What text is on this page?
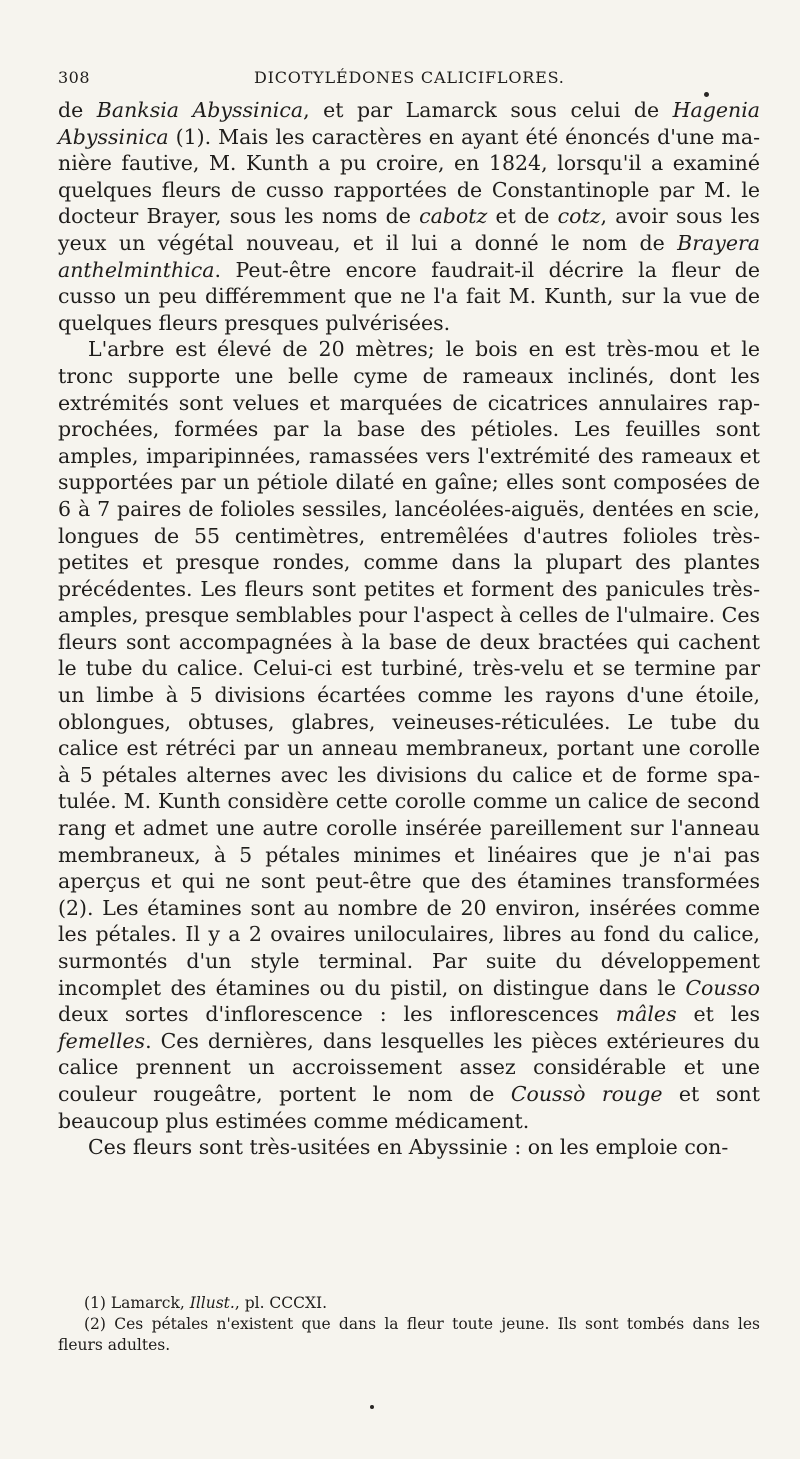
308	DICOTYLÉDONES CALICIFLORES.

de Banksia Abyssinica, et par Lamarck sous celui de Hagenia Abyssinica (1). Mais les caractères en ayant été énoncés d'une manière fautive, M. Kunth a pu croire, en 1824, lorsqu'il a examiné quelques fleurs de cusso rapportées de Constantinople par M. le docteur Brayer, sous les noms de cabotz et de cotz, avoir sous les yeux un végétal nouveau, et il lui a donné le nom de Brayera anthelminthica. Peut-être encore faudrait-il décrire la fleur de cusso un peu différemment que ne l'a fait M. Kunth, sur la vue de quelques fleurs presques pulvérisées.

L'arbre est élevé de 20 mètres; le bois en est très-mou et le tronc supporte une belle cyme de rameaux inclinés, dont les extrémités sont velues et marquées de cicatrices annulaires rapprochées, formées par la base des pétioles. Les feuilles sont amples, imparipinnées, ramassées vers l'extrémité des rameaux et supportées par un pétiole dilaté en gaîne; elles sont composées de 6 à 7 paires de folioles sessiles, lancéolées-aiguës, dentées en scie, longues de 55 centimètres, entremêlées d'autres folioles très-petites et presque rondes, comme dans la plupart des plantes précédentes. Les fleurs sont petites et forment des panicules très-amples, presque semblables pour l'aspect à celles de l'ulmaire. Ces fleurs sont accompagnées à la base de deux bractées qui cachent le tube du calice. Celui-ci est turbiné, très-velu et se termine par un limbe à 5 divisions écartées comme les rayons d'une étoile, oblongues, obtuses, glabres, veineuses-réticulées. Le tube du calice est rétréci par un anneau membraneux, portant une corolle à 5 pétales alternes avec les divisions du calice et de forme spatulée. M. Kunth considère cette corolle comme un calice de second rang et admet une autre corolle insérée pareillement sur l'anneau membraneux, à 5 pétales minimes et linéaires que je n'ai pas aperçus et qui ne sont peut-être que des étamines transformées (2). Les étamines sont au nombre de 20 environ, insérées comme les pétales. Il y a 2 ovaires uniloculaires, libres au fond du calice, surmontés d'un style terminal. Par suite du développement incomplet des étamines ou du pistil, on distingue dans le Cousso deux sortes d'inflorescence : les inflorescences mâles et les femelles. Ces dernières, dans lesquelles les pièces extérieures du calice prennent un accroissement assez considérable et une couleur rougeâtre, portent le nom de Coussò rouge et sont beaucoup plus estimées comme médicament.

Ces fleurs sont très-usitées en Abyssinie : on les emploie con-

(1) Lamarck, Illust., pl. CCCXI.

(2) Ces pétales n'existent que dans la fleur toute jeune. Ils sont tombés dans les fleurs adultes.
